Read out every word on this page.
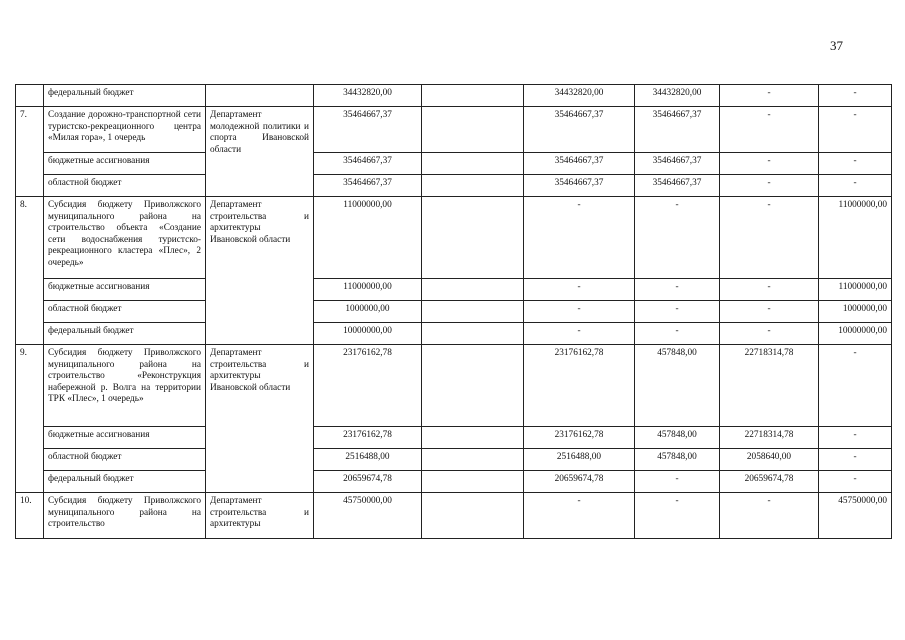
37
	федеральный бюджет		34432820,00		34432820,00	34432820,00	-	-
7.	Создание дорожно-транспортной сети туристско-рекреационного центра «Милая гора», 1 очередь	Департамент молодежной политики и спорта Ивановской области	35464667,37		35464667,37	35464667,37	-	-
	бюджетные ассигнования		35464667,37		35464667,37	35464667,37	-	-
	областной бюджет		35464667,37		35464667,37	35464667,37	-	-
8.	Субсидия бюджету Приволжского муниципального района на строительство объекта «Создание сети водоснабжения туристско-рекреационного кластера «Плес», 2 очередь»	Департамент строительства и архитектуры Ивановской области	11000000,00		-	-	-	11000000,00
	бюджетные ассигнования		11000000,00		-	-	-	11000000,00
	областной бюджет		1000000,00		-	-	-	1000000,00
	федеральный бюджет		10000000,00		-	-	-	10000000,00
9.	Субсидия бюджету Приволжского муниципального района на строительство «Реконструкция набережной р. Волга на территории ТРК «Плес», 1 очередь»	Департамент строительства и архитектуры Ивановской области	23176162,78		23176162,78	457848,00	22718314,78	-
	бюджетные ассигнования		23176162,78		23176162,78	457848,00	22718314,78	-
	областной бюджет		2516488,00		2516488,00	457848,00	2058640,00	-
	федеральный бюджет		20659674,78		20659674,78	-	20659674,78	-
10.	Субсидия бюджету Приволжского муниципального района на строительство	Департамент строительства и архитектуры	45750000,00		-	-	-	45750000,00
